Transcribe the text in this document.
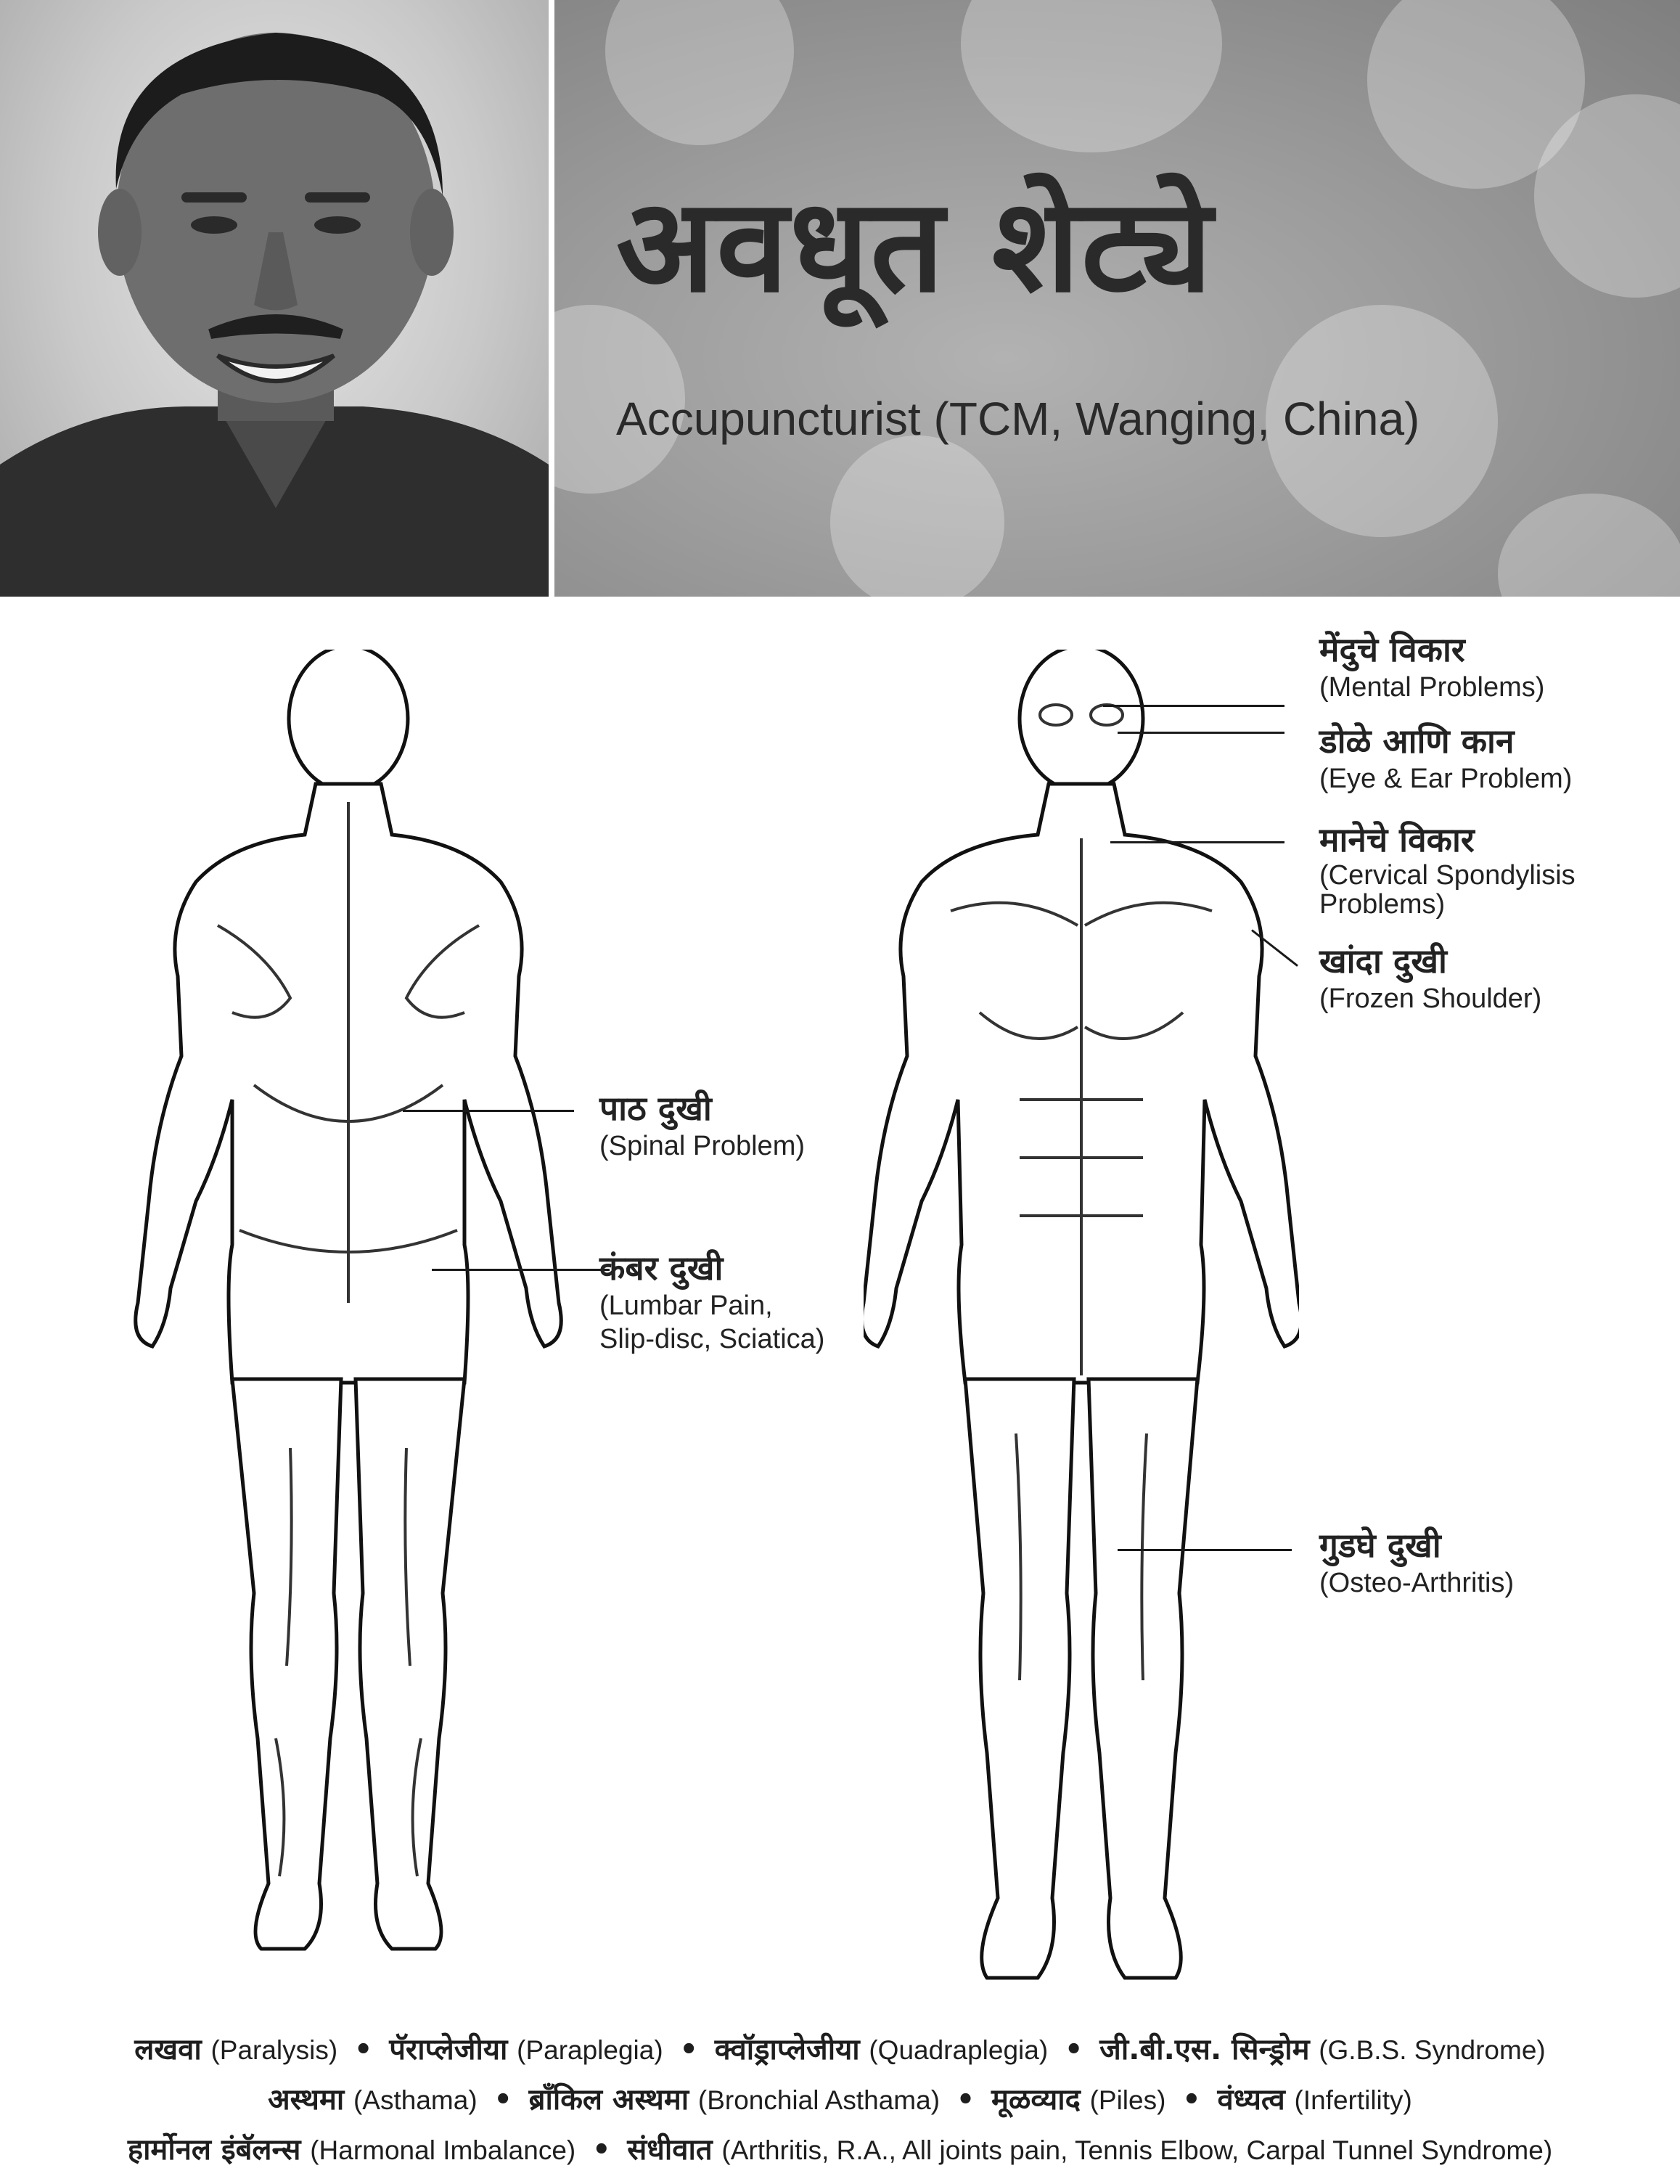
अवधूत शेट्ये

Accupuncturist (TCM, Wanging, China)

पाठ दुखी
(Spinal Problem)
कंबर दुखी
(Lumbar Pain,
Slip-disc, Sciatica)
मेंदुचे विकार
(Mental Problems)
डोळे आणि कान
(Eye & Ear Problem)
मानेचे विकार
(Cervical Spondylisis
Problems)
खांदा दुखी
(Frozen Shoulder)
गुडघे दुखी
(Osteo-Arthritis)
लखवा (Paralysis) • पॅराप्लेजीया (Paraplegia) • क्वॉड्राप्लेजीया (Quadraplegia) • जी.बी.एस. सिन्ड्रोम (G.B.S. Syndrome)
अस्थमा (Asthama) • ब्रॉंकिल अस्थमा (Bronchial Asthama) • मूळव्याद (Piles) • वंध्यत्व (Infertility)
हार्मोनल इंबॅलन्स (Harmonal Imbalance) • संधीवात (Arthritis, R.A., All joints pain, Tennis Elbow, Carpal Tunnel Syndrome)
